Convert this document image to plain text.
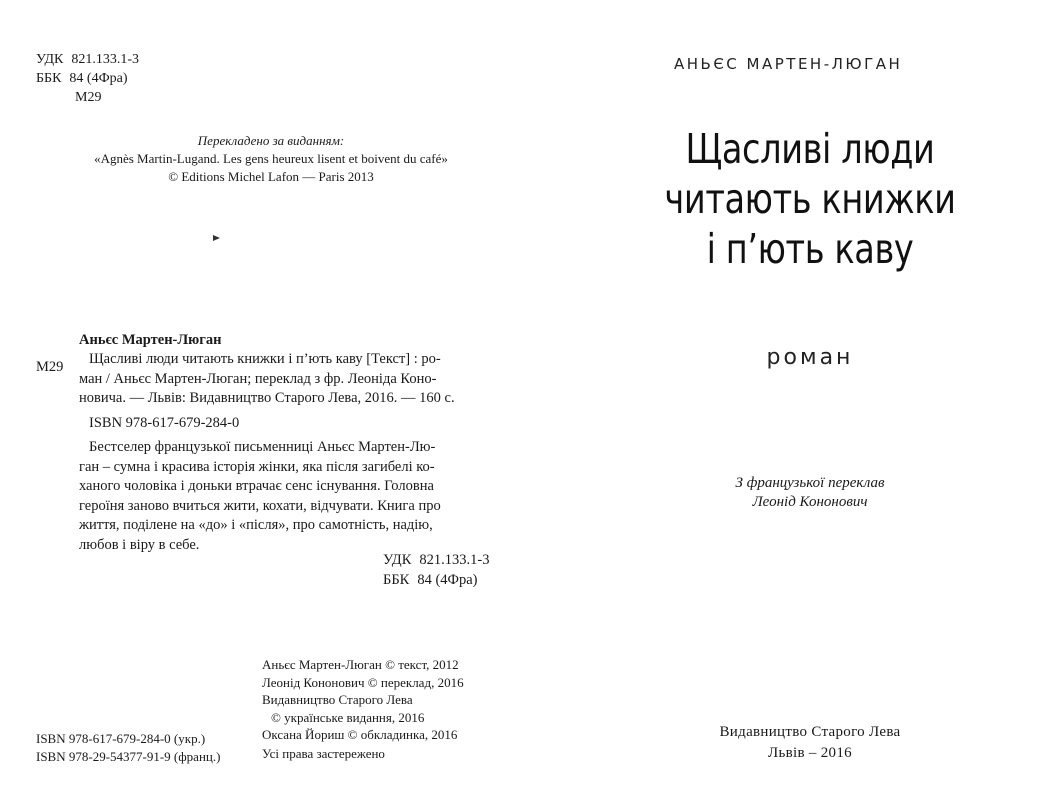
УДК 821.133.1-3
ББК 84 (4Фра)
М29
Перекладено за виданням:
«Agnès Martin-Lugand. Les gens heureux lisent et boivent du café»
© Editions Michel Lafon — Paris 2013
Аньєс Мартен-Люган
М29	Щасливі люди читають книжки і п’ють каву [Текст] : ро-

ман / Аньєс Мартен-Люган; переклад з фр. Леоніда Коно-

новича. — Львів: Видавництво Старого Лева, 2016. — 160 с.

ISBN 978-617-679-284-0
Бестселер французької письменниці Аньєс Мартен-Лю-
ган – сумна і красива історія жінки, яка після загибелі ко-
ханого чоловіка і доньки втрачає сенс існування. Головна
героїня заново вчиться жити, кохати, відчувати. Книга про
життя, поділене на «до» і «після», про самотність, надію,
любов і віру в себе.
УДК 821.133.1-3
ББК 84 (4Фра)
Аньєс Мартен-Люган © текст, 2012
Леонід Кононович © переклад, 2016
Видавництво Старого Лева
© українське видання, 2016
Оксана Йориш © обкладинка, 2016
Усі права застережено
ISBN 978-617-679-284-0 (укр.)
ISBN 978-29-54377-91-9 (франц.)
АНЬЄС МАРТЕН-ЛЮГАН
Щасливі люди
читають книжки
і п’ють каву
роман
З французької переклав
Леонід Кононович
Видавництво Старого Лева
Львів – 2016
